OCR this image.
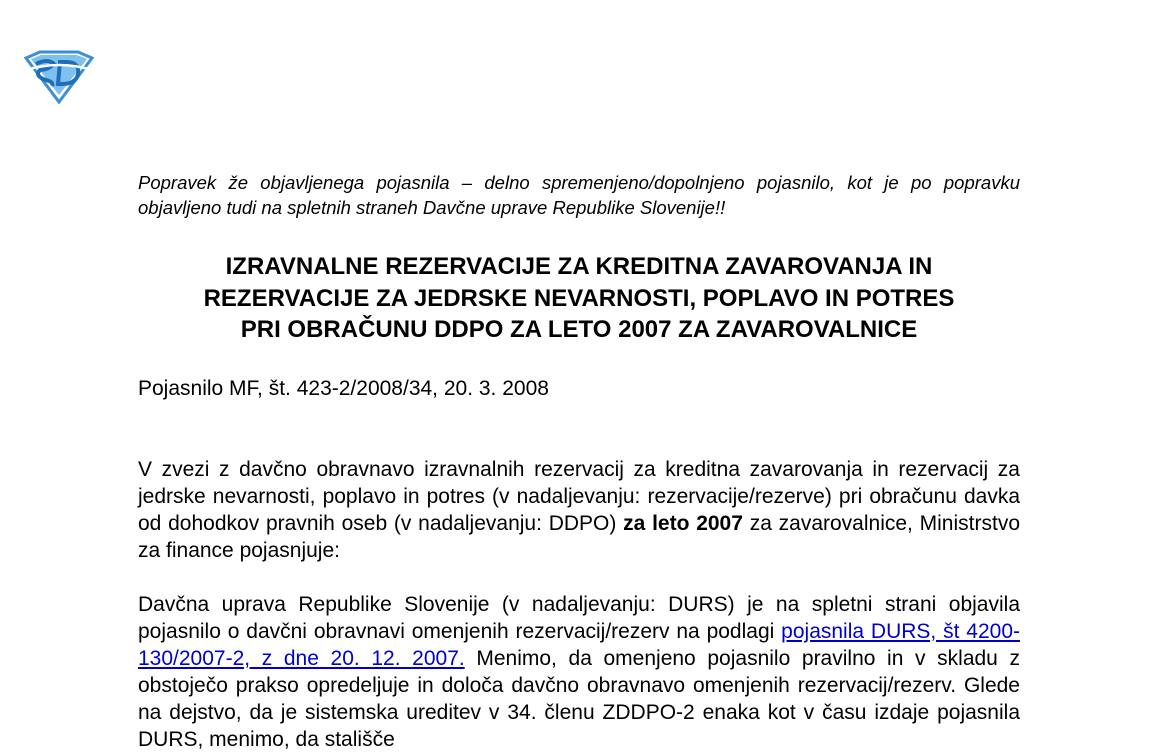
Popravek že objavljenega pojasnila – delno spremenjeno/dopolnjeno pojasnilo, kot je po popravku objavljeno tudi na spletnih straneh Davčne uprave Republike Slovenije!!
IZRAVNALNE REZERVACIJE ZA KREDITNA ZAVAROVANJA IN
REZERVACIJE ZA JEDRSKE NEVARNOSTI, POPLAVO IN POTRES
PRI OBRAČUNU DDPO ZA LETO 2007 ZA ZAVAROVALNICE
Pojasnilo MF, št. 423-2/2008/34, 20. 3. 2008

V zvezi z davčno obravnavo izravnalnih rezervacij za kreditna zavarovanja in rezervacij za jedrske nevarnosti, poplavo in potres (v nadaljevanju: rezervacije/rezerve) pri obračunu davka od dohodkov pravnih oseb (v nadaljevanju: DDPO) za leto 2007 za zavarovalnice, Ministrstvo za finance pojasnjuje:

Davčna uprava Republike Slovenije (v nadaljevanju: DURS) je na spletni strani objavila pojasnilo o davčni obravnavi omenjenih rezervacij/rezerv na podlagi pojasnila DURS, št 4200-130/2007-2, z dne 20. 12. 2007. Menimo, da omenjeno pojasnilo pravilno in v skladu z obstoječo prakso opredeljuje in določa davčno obravnavo omenjenih rezervacij/rezerv. Glede na dejstvo, da je sistemska ureditev v 34. členu ZDDPO-2 enaka kot v času izdaje pojasnila DURS, menimo, da stališče
